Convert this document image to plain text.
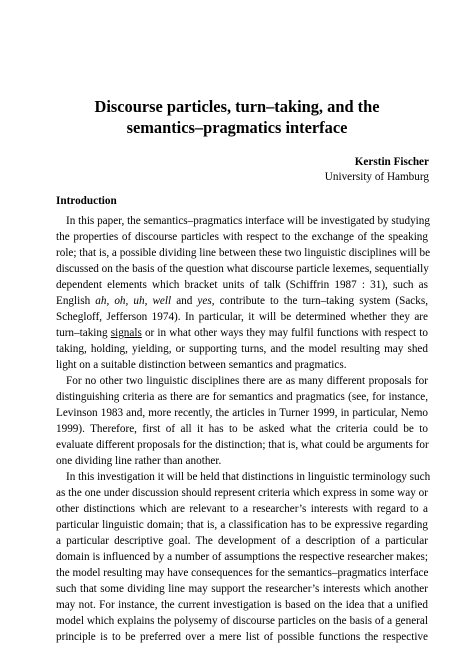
Discourse particles, turn–taking, and the
semantics–pragmatics interface
Kerstin Fischer
University of Hamburg
Introduction
In this paper, the semantics–pragmatics interface will be investigated by studying
the properties of discourse particles with respect to the exchange of the speaking
role; that is, a possible dividing line between these two linguistic disciplines will be
discussed on the basis of the question what discourse particle lexemes, sequentially
dependent elements which bracket units of talk (Schiffrin 1987 : 31), such as
English ah, oh, uh, well and yes, contribute to the turn–taking system (Sacks,
Schegloff, Jefferson 1974). In particular, it will be determined whether they are
turn–taking signals or in what other ways they may fulfil functions with respect to
taking, holding, yielding, or supporting turns, and the model resulting may shed
light on a suitable distinction between semantics and pragmatics.
For no other two linguistic disciplines there are as many different proposals for
distinguishing criteria as there are for semantics and pragmatics (see, for instance,
Levinson 1983 and, more recently, the articles in Turner 1999, in particular, Nemo
1999). Therefore, first of all it has to be asked what the criteria could be to
evaluate different proposals for the distinction; that is, what could be arguments for
one dividing line rather than another.
In this investigation it will be held that distinctions in linguistic terminology such
as the one under discussion should represent criteria which express in some way or
other distinctions which are relevant to a researcher’s interests with regard to a
particular linguistic domain; that is, a classification has to be expressive regarding
a particular descriptive goal. The development of a description of a particular
domain is influenced by a number of assumptions the respective researcher makes;
the model resulting may have consequences for the semantics–pragmatics interface
such that some dividing line may support the researcher’s interests which another
may not. For instance, the current investigation is based on the idea that a unified
model which explains the polysemy of discourse particles on the basis of a general
principle is to be preferred over a mere list of possible functions the respective
